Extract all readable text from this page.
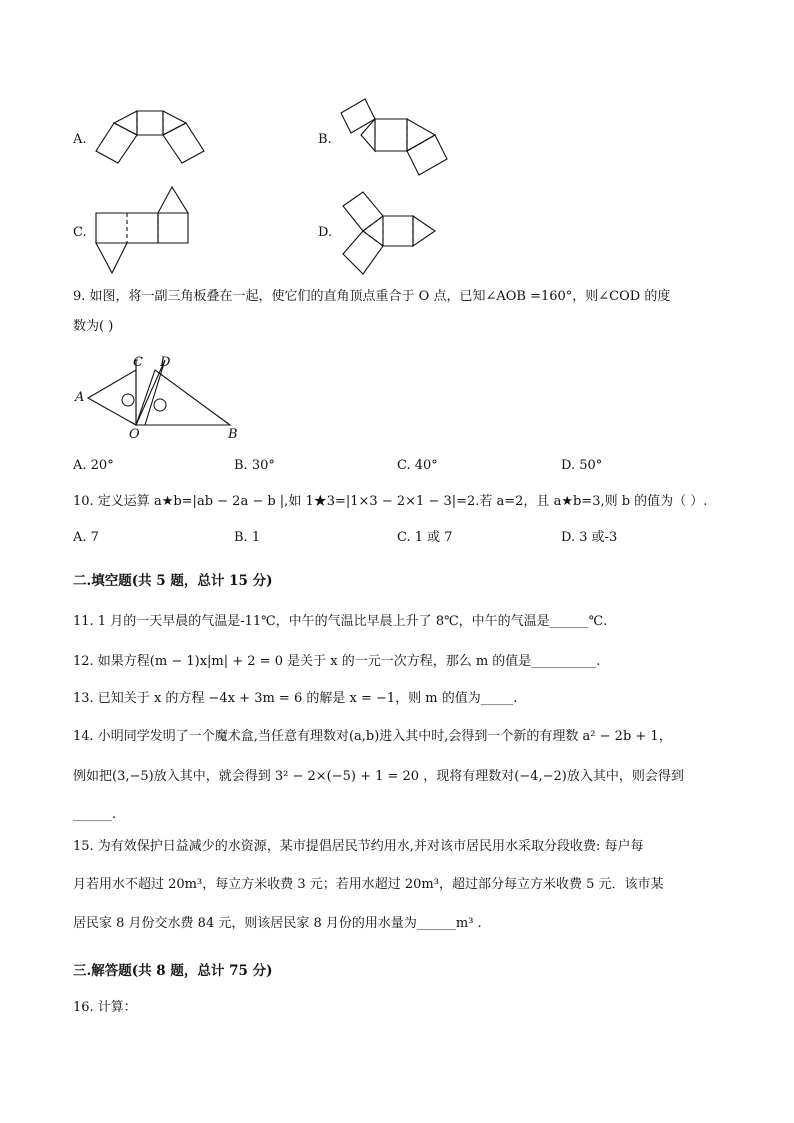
A.	B.
C.	D.
9. 如图，将一副三角板叠在一起，使它们的直角顶点重合于 O 点，已知∠AOB =160°，则∠COD 的度
数为( )
A
C D
O	B
A. 20°	B. 30°	C. 40°	D. 50°
10. 定义运算 a★b=|ab − 2a − b |,如 1★3=|1×3 − 2×1 − 3|=2.若 a=2，且 a★b=3,则 b 的值为（ ）.
A. 7	B. 1	C. 1 或 7	D. 3 或-3
二.填空题(共 5 题，总计 15 分)
11. 1 月的一天早晨的气温是-11℃，中午的气温比早晨上升了 8℃，中午的气温是______℃.
12. 如果方程(m − 1)x|m| + 2 = 0 是关于 x 的一元一次方程，那么 m 的值是__________.
13. 已知关于 x 的方程 −4x + 3m = 6 的解是 x = −1，则 m 的值为_____.
14. 小明同学发明了一个魔术盒,当任意有理数对(a,b)进入其中时,会得到一个新的有理数 a² − 2b + 1，
例如把(3,−5)放入其中，就会得到 3² − 2×(−5) + 1 = 20 ，现将有理数对(−4,−2)放入其中，则会得到
______.
15. 为有效保护日益减少的水资源，某市提倡居民节约用水,并对该市居民用水采取分段收费: 每户每
月若用水不超过 20m³，每立方米收费 3 元；若用水超过 20m³，超过部分每立方米收费 5 元．该市某
居民家 8 月份交水费 84 元，则该居民家 8 月份的用水量为______m³ .
三.解答题(共 8 题，总计 75 分)
16. 计算：
